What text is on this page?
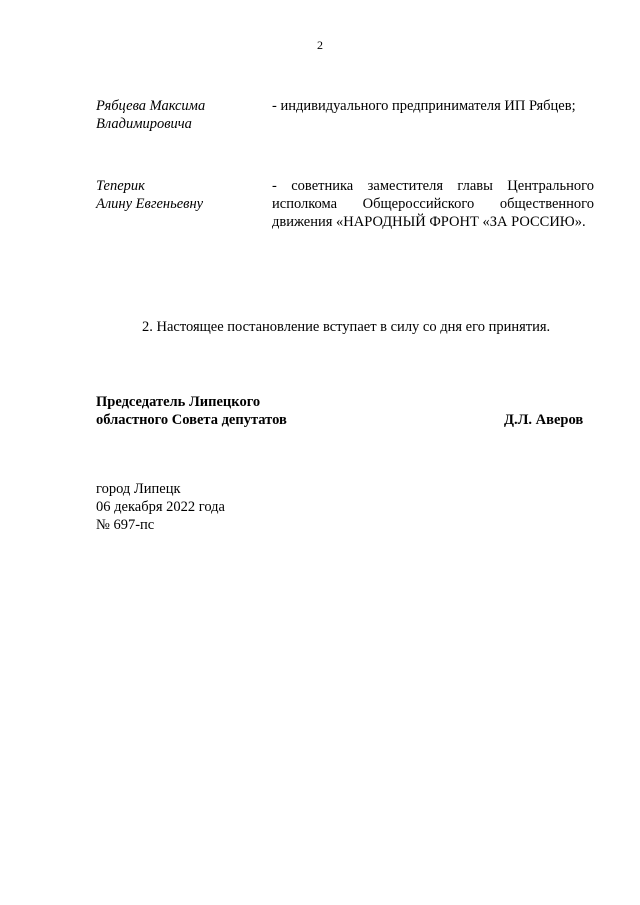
2
Рябцева Максима
Владимировича
- индивидуального предпринимателя ИП Рябцев;
Теперик
Алину Евгеньевну
- советника заместителя главы Центрального исполкома Общероссийского общественного движения «НАРОДНЫЙ ФРОНТ «ЗА РОССИЮ».
2. Настоящее постановление вступает в силу со дня его принятия.
Председатель Липецкого
областного Совета депутатов	Д.Л. Аверов
город Липецк
06 декабря 2022 года
№ 697-пс
